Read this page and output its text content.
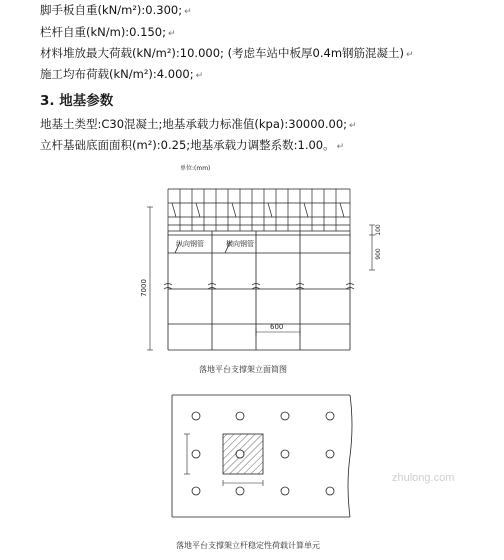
脚手板自重(kN/m²):0.300; ↵
栏杆自重(kN/m):0.150; ↵
材料堆放最大荷载(kN/m²):10.000; (考虑车站中板厚0.4m钢筋混凝土) ↵
施工均布荷载(kN/m²):4.000; ↵
3. 地基参数
地基土类型:C30混凝土;地基承载力标准值(kpa):30000.00; ↵
立杆基础底面面积(m²):0.25;地基承载力调整系数:1.00。 ↵
单位:(mm)
纵向钢管	横向钢管
7000
100
900
600
落地平台支撑架立面简图
落地平台支撑架立杆稳定性荷载计算单元
zhulong.com
